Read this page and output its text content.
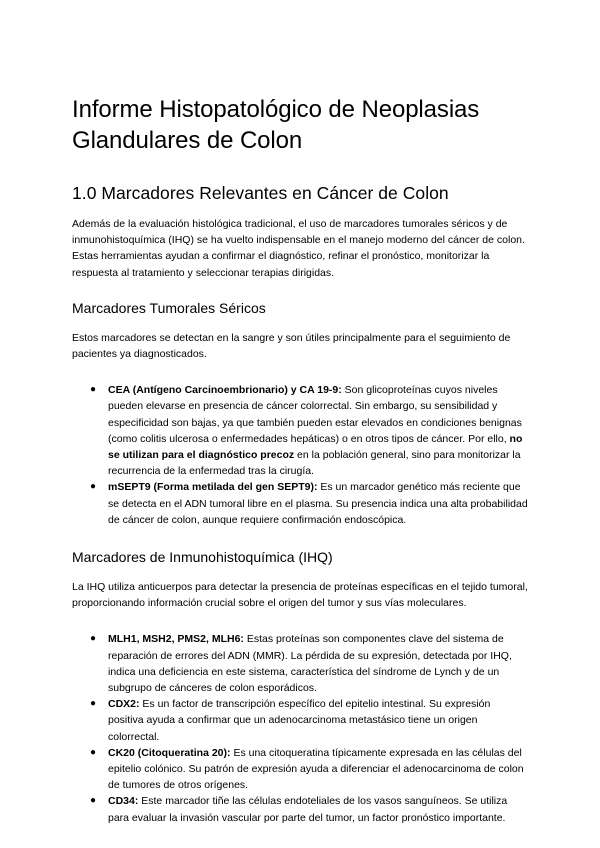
Informe Histopatológico de Neoplasias Glandulares de Colon
1.0 Marcadores Relevantes en Cáncer de Colon

Además de la evaluación histológica tradicional, el uso de marcadores tumorales séricos y de inmunohistoquímica (IHQ) se ha vuelto indispensable en el manejo moderno del cáncer de colon. Estas herramientas ayudan a confirmar el diagnóstico, refinar el pronóstico, monitorizar la respuesta al tratamiento y seleccionar terapias dirigidas.

Marcadores Tumorales Séricos

Estos marcadores se detectan en la sangre y son útiles principalmente para el seguimiento de pacientes ya diagnosticados.

● CEA (Antígeno Carcinoembrionario) y CA 19-9: Son glicoproteínas cuyos niveles pueden elevarse en presencia de cáncer colorrectal. Sin embargo, su sensibilidad y especificidad son bajas, ya que también pueden estar elevados en condiciones benignas (como colitis ulcerosa o enfermedades hepáticas) o en otros tipos de cáncer. Por ello, no se utilizan para el diagnóstico precoz en la población general, sino para monitorizar la recurrencia de la enfermedad tras la cirugía.
● mSEPT9 (Forma metilada del gen SEPT9): Es un marcador genético más reciente que se detecta en el ADN tumoral libre en el plasma. Su presencia indica una alta probabilidad de cáncer de colon, aunque requiere confirmación endoscópica.
Marcadores de Inmunohistoquímica (IHQ)

La IHQ utiliza anticuerpos para detectar la presencia de proteínas específicas en el tejido tumoral, proporcionando información crucial sobre el origen del tumor y sus vías moleculares.

● MLH1, MSH2, PMS2, MLH6: Estas proteínas son componentes clave del sistema de reparación de errores del ADN (MMR). La pérdida de su expresión, detectada por IHQ, indica una deficiencia en este sistema, característica del síndrome de Lynch y de un subgrupo de cánceres de colon esporádicos.
● CDX2: Es un factor de transcripción específico del epitelio intestinal. Su expresión positiva ayuda a confirmar que un adenocarcinoma metastásico tiene un origen colorrectal.
● CK20 (Citoqueratina 20): Es una citoqueratina típicamente expresada en las células del epitelio colónico. Su patrón de expresión ayuda a diferenciar el adenocarcinoma de colon de tumores de otros orígenes.
● CD34: Este marcador tiñe las células endoteliales de los vasos sanguíneos. Se utiliza para evaluar la invasión vascular por parte del tumor, un factor pronóstico importante.
